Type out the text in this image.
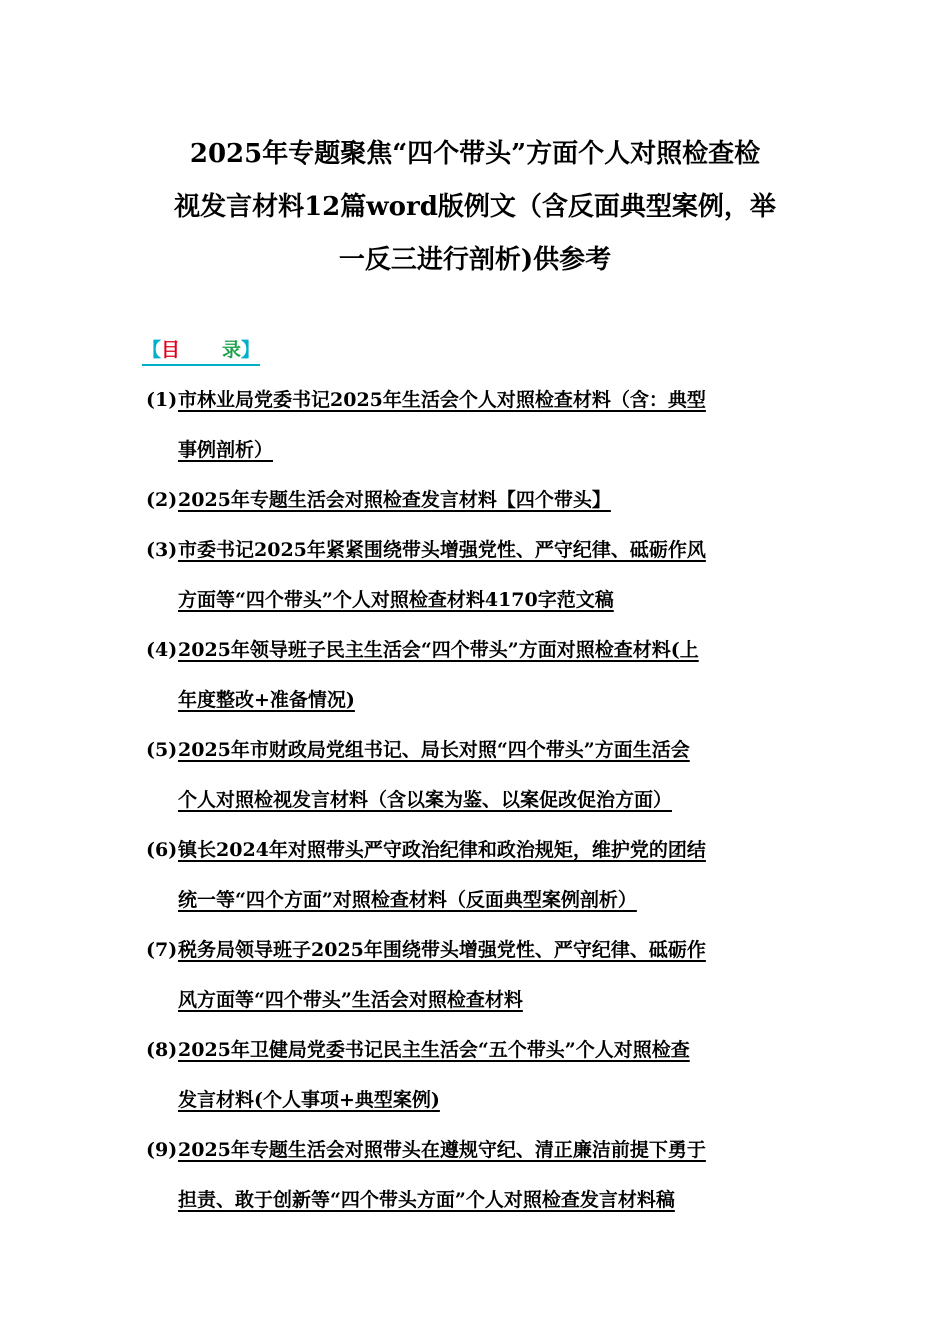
2025年专题聚焦“四个带头”方面个人对照检查检
视发言材料12篇word版例文（含反面典型案例，举
一反三进行剖析)供参考
【目 录】
(1) 市林业局党委书记2025年生活会个人对照检查材料（含：典型
事例剖析）
(2) 2025年专题生活会对照检查发言材料【四个带头】
(3) 市委书记2025年紧紧围绕带头增强党性、严守纪律、砥砺作风
方面等“四个带头”个人对照检查材料4170字范文稿
(4) 2025年领导班子民主生活会“四个带头”方面对照检查材料(上
年度整改+准备情况)
(5) 2025年市财政局党组书记、局长对照“四个带头”方面生活会
个人对照检视发言材料（含以案为鉴、以案促改促治方面）
(6) 镇长2024年对照带头严守政治纪律和政治规矩，维护党的团结
统一等“四个方面”对照检查材料（反面典型案例剖析）
(7) 税务局领导班子2025年围绕带头增强党性、严守纪律、砥砺作
风方面等“四个带头”生活会对照检查材料
(8) 2025年卫健局党委书记民主生活会“五个带头”个人对照检查
发言材料(个人事项+典型案例)
(9) 2025年专题生活会对照带头在遵规守纪、清正廉洁前提下勇于
担责、敢于创新等“四个带头方面”个人对照检查发言材料稿
